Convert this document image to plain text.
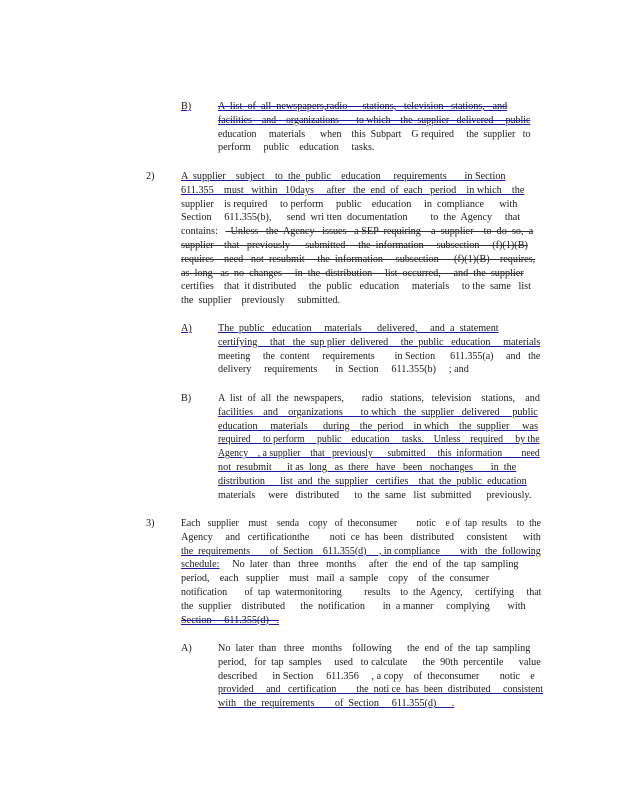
B)	A  list  of  all  newspapers,radio      stations,   television   stations,   and
facilities    and    organizations       to which    the  supplier   delivered     public
education     materials      when    this  Subpart    G required     the  supplier   to
perform     public    education     tasks.
2)	A  supplier    subject    to  the  public    education     requirements       in Section
611.355    must   within   10days     after   the  end  of  each   period    in which    the
supplier    is required     to perform     public    education     in  compliance      with
Section     611.355(b),      send  wri tten  documentation         to  the  Agency     that
contains:     Unless   the  Agency   issues   a SEP  requiring    a  supplier    to  do  so,  a
supplier    that   previously      submitted     the  information     subsection     (f)(1)(B)
requires    need   not  resubmit     the  information     subsection      (f)(1)(B)    requires,
as  long   as  no  changes     in  the  distribution     list  occurred,     and  the  supplier
certifies    that  it distributed     the  public   education     materials     to the  same   list
the  supplier    previously     submitted.
A)	The  public   education     materials      delivered,     and  a  statement
certifying     that   the  sup plier  delivered     the  public   education     materials
meeting     the  content     requirements        in Section      611.355(a)     and   the
delivery     requirements       in  Section     611.355(b)     ; and
B)	A  list  of  all  the  newspapers,       radio   stations,   television    stations,    and
facilities    and    organizations       to which   the  supplier   delivered     public
education     materials      during    the  period    in which    the  supplier     was
required     to perform     public    education     tasks.    Unless    required     by the
Agency    , a supplier    that   previously      submitted     this  information        need
not  resubmit      it as  long   as  there   have   been   nochanges       in  the
distribution      list  and  the  supplier   certifies    that  the  public  education
materials     were   distributed      to  the  same   list  submitted      previously.
3)	Each   supplier    must    senda    copy   of  theconsumer        notic    e of  tap  results    to  the
Agency     and   certificationthe        noti  ce  has  been   distributed     consistent      with
the  requirements        of  Section    611.355(d)     , in compliance        with   the  following
schedule:     No  later  than   three   months     after   the  end  of  the  tap  sampling
period,    each   supplier    must   mail  a  sample    copy    of  the  consumer
notification       of  tap  watermonitoring         results    to  the  Agency,     certifying     that
the  supplier    distributed      the  notification       in  a manner     complying       with
Section     611.355(d)   .
A)	No  later  than   three   months    following      the  end  of  the  tap  sampling
period,   for  tap  samples     used   to calculate      the  90th  percentile      value
described      in Section     611.356     , a copy    of  theconsumer        notic    e
provided     and   certification        the  noti ce  has  been  distributed     consistent
with   the  requirements        of  Section     611.355(d)      .
